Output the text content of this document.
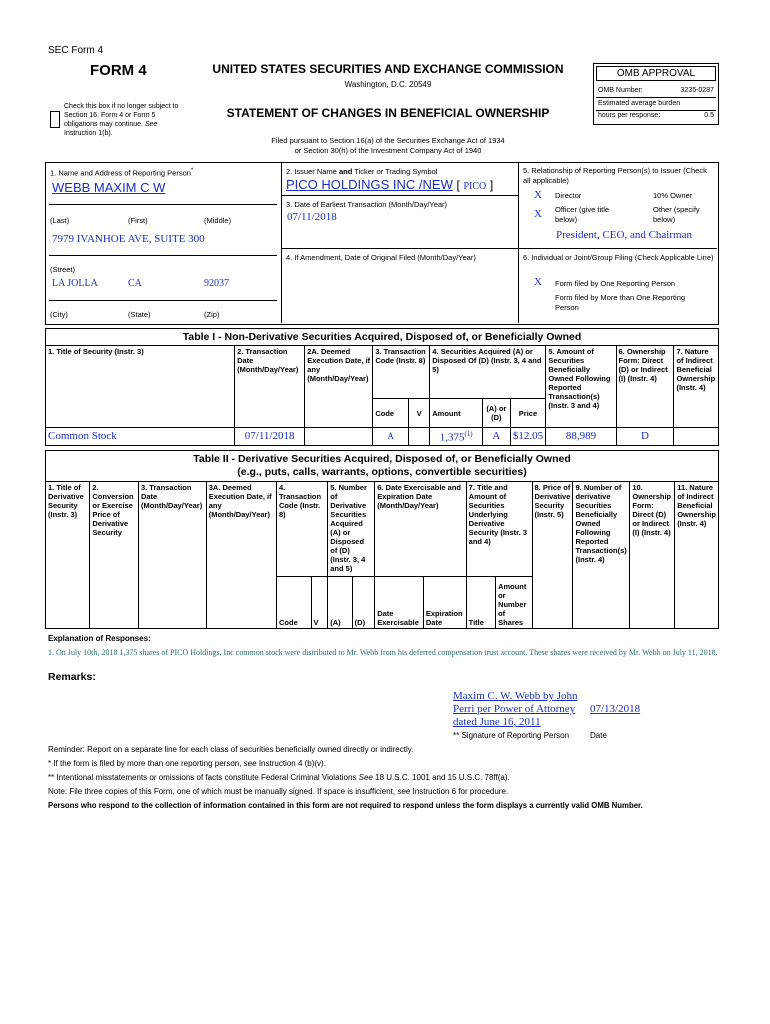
SEC Form 4
FORM 4	UNITED STATES SECURITIES AND EXCHANGE COMMISSION
Washington, D.C. 20549
Check this box if no longer subject to Section 16. Form 4 or Form 5 obligations may continue. See Instruction 1(b).
STATEMENT OF CHANGES IN BENEFICIAL OWNERSHIP
Filed pursuant to Section 16(a) of the Securities Exchange Act of 1934
or Section 30(h) of the Investment Company Act of 1940
OMB APPROVAL
OMB Number:	3235-0287
Estimated average burden
hours per response:	0.5
1. Name and Address of Reporting Person*
WEBB MAXIM C W
(Last)	(First)	(Middle)
7979 IVANHOE AVE, SUITE 300
(Street)
LA JOLLA	CA	92037
(City)	(State)	(Zip)
2. Issuer Name and Ticker or Trading Symbol
PICO HOLDINGS INC /NEW [ PICO ]
3. Date of Earliest Transaction (Month/Day/Year)
07/11/2018
4. If Amendment, Date of Original Filed (Month/Day/Year)
5. Relationship of Reporting Person(s) to Issuer (Check all applicable)
X Director	10% Owner
X Officer (give title below)
Other (specify below)
President, CEO, and Chairman
6. Individual or Joint/Group Filing (Check Applicable Line)
X Form filed by One Reporting Person
Form filed by More than One Reporting Person
Table I - Non-Derivative Securities Acquired, Disposed of, or Beneficially Owned
1. Title of Security (Instr. 3)	2. Transaction Date (Month/Day/Year)	2A. Deemed Execution Date, if any (Month/Day/Year)	3. Transaction Code (Instr. 8)		4. Securities Acquired (A) or Disposed Of (D) (Instr. 3, 4 and 5)			5. Amount of Securities Beneficially Owned Following Reported Transaction(s) (Instr. 3 and 4)	6. Ownership Form: Direct (D) or Indirect (I) (Instr. 4)	7. Nature of Indirect Beneficial Ownership (Instr. 4)
			Code	V	Amount	(A) or (D)	Price			
Common Stock	07/11/2018		A		1,375$^{(1)}$	A	$12.05	88,989	D	
Table II - Derivative Securities Acquired, Disposed of, or Beneficially Owned
(e.g., puts, calls, warrants, options, convertible securities)
1. Title of Derivative Security (Instr. 3)	2. Conversion or Exercise Price of Derivative Security	3. Transaction Date (Month/Day/Year)	3A. Deemed Execution Date, if any (Month/Day/Year)	4. Transaction Code (Instr. 8)		5. Number of Derivative Securities Acquired (A) or Disposed of (D) (Instr. 3, 4 and 5)		6. Date Exercisable and Expiration Date (Month/Day/Year)		7. Title and Amount of Securities Underlying Derivative Security (Instr. 3 and 4)		8. Price of Derivative Security (Instr. 5)	9. Number of derivative Securities Beneficially Owned Following Reported Transaction(s) (Instr. 4)	10. Ownership Form: Direct (D) or Indirect (I) (Instr. 4)	11. Nature of Indirect Beneficial Ownership (Instr. 4)
				Code	V	(A)	(D)	Date Exercisable	Expiration Date	Title	Amount or Number of Shares				
Explanation of Responses:
1. On July 10th, 2018 1,375 shares of PICO Holdings, Inc common stock were distributed to Mr. Webb from his deferred compensation trust account. These shares were received by Mr. Webb on July 11, 2018.
Remarks:
Maxim C. W. Webb by John Perri per Power of Attorney dated June 16, 2011
07/13/2018
** Signature of Reporting Person	Date
Reminder: Report on a separate line for each class of securities beneficially owned directly or indirectly.
* If the form is filed by more than one reporting person, see Instruction 4 (b)(v).
** Intentional misstatements or omissions of facts constitute Federal Criminal Violations See 18 U.S.C. 1001 and 15 U.S.C. 78ff(a).
Note: File three copies of this Form, one of which must be manually signed. If space is insufficient, see Instruction 6 for procedure.
Persons who respond to the collection of information contained in this form are not required to respond unless the form displays a currently valid OMB Number.
